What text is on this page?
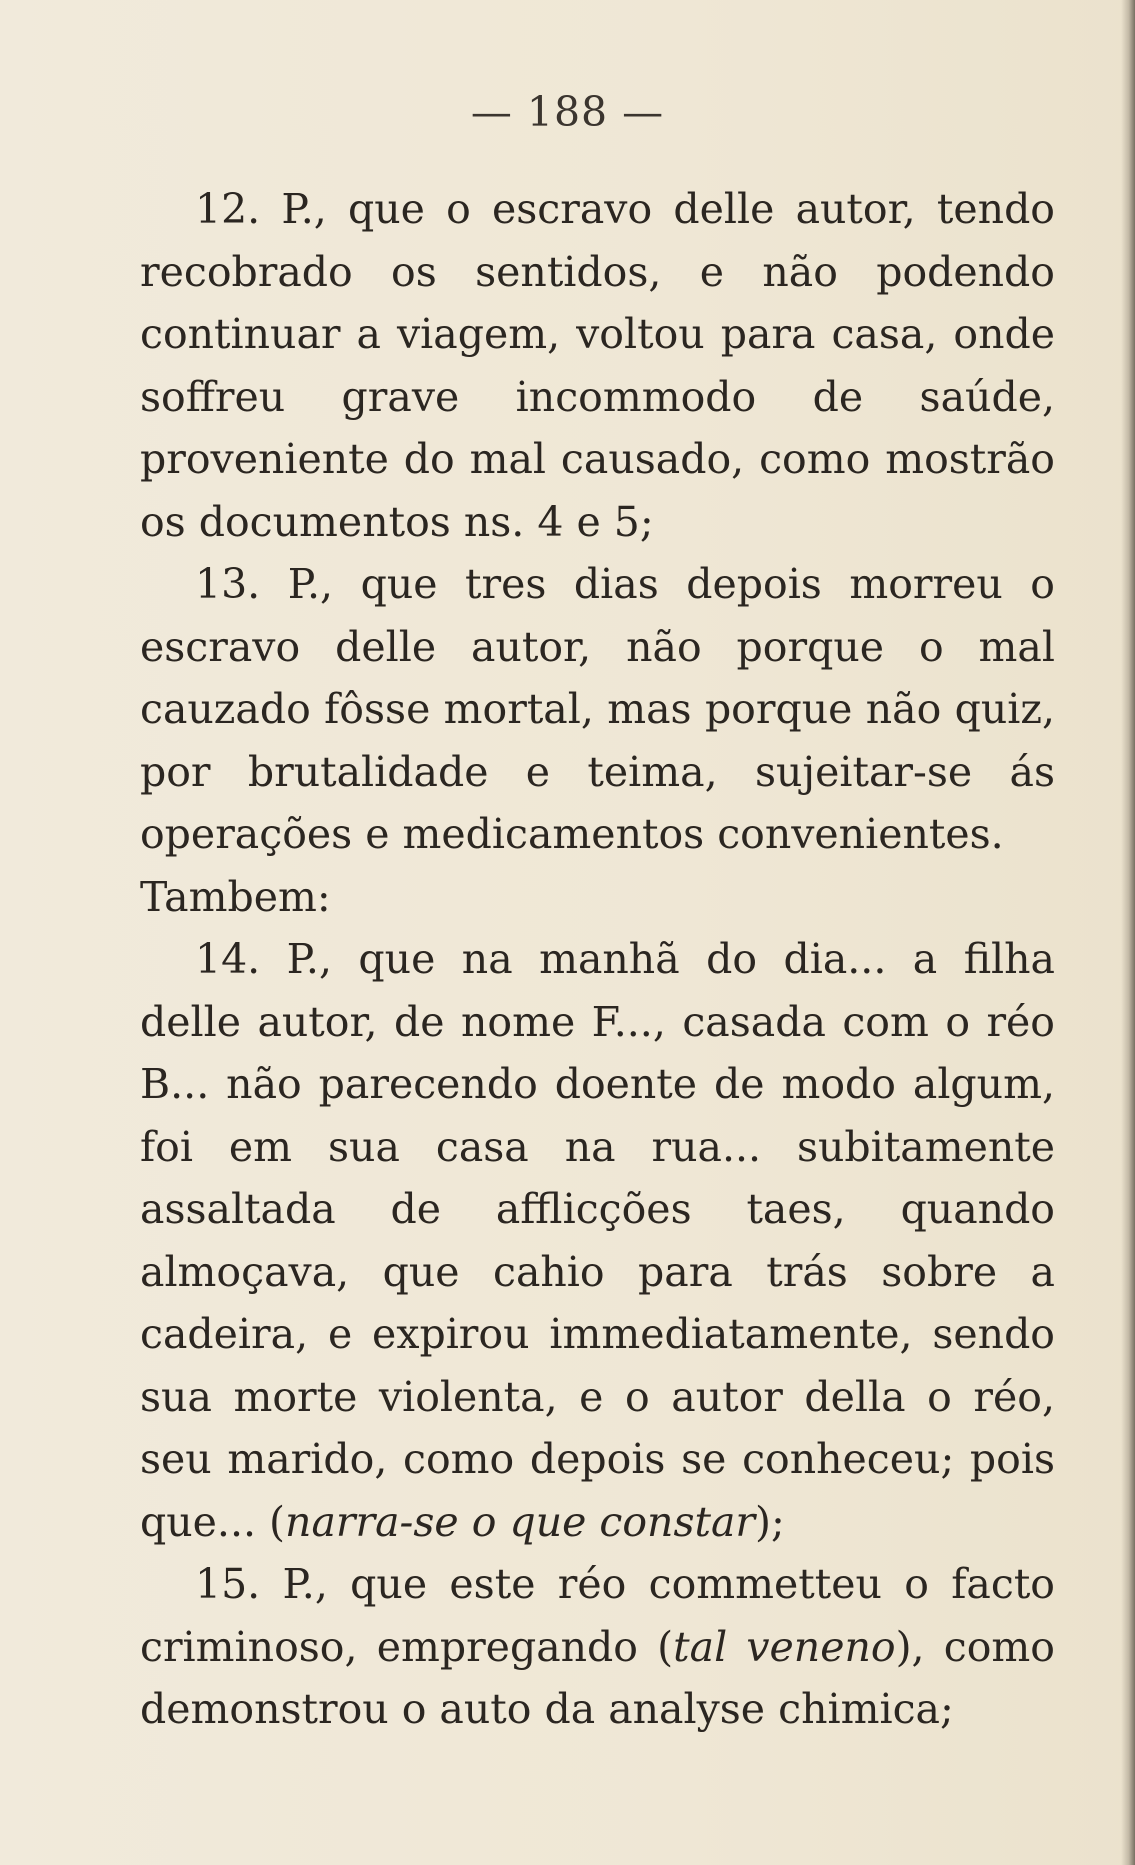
— 188 —

12. P., que o escravo delle autor, tendo recobrado os sentidos, e não podendo continuar a viagem, voltou para casa, onde soffreu grave incommodo de saúde, proveniente do mal causado, como mostrão os documentos ns. 4 e 5;

13. P., que tres dias depois morreu o escravo delle autor, não porque o mal cauzado fôsse mortal, mas porque não quiz, por brutalidade e teima, sujeitar-se ás operações e medicamentos convenientes.

Tambem:

14. P., que na manhã do dia... a filha delle autor, de nome F..., casada com o réo B... não parecendo doente de modo algum, foi em sua casa na rua... subitamente assaltada de afflicções taes, quando almoçava, que cahio para trás sobre a cadeira, e expirou immediatamente, sendo sua morte violenta, e o autor della o réo, seu marido, como depois se conheceu; pois que... (narra-se o que constar);

15. P., que este réo commetteu o facto criminoso, empregando (tal veneno), como demonstrou o auto da analyse chimica;
